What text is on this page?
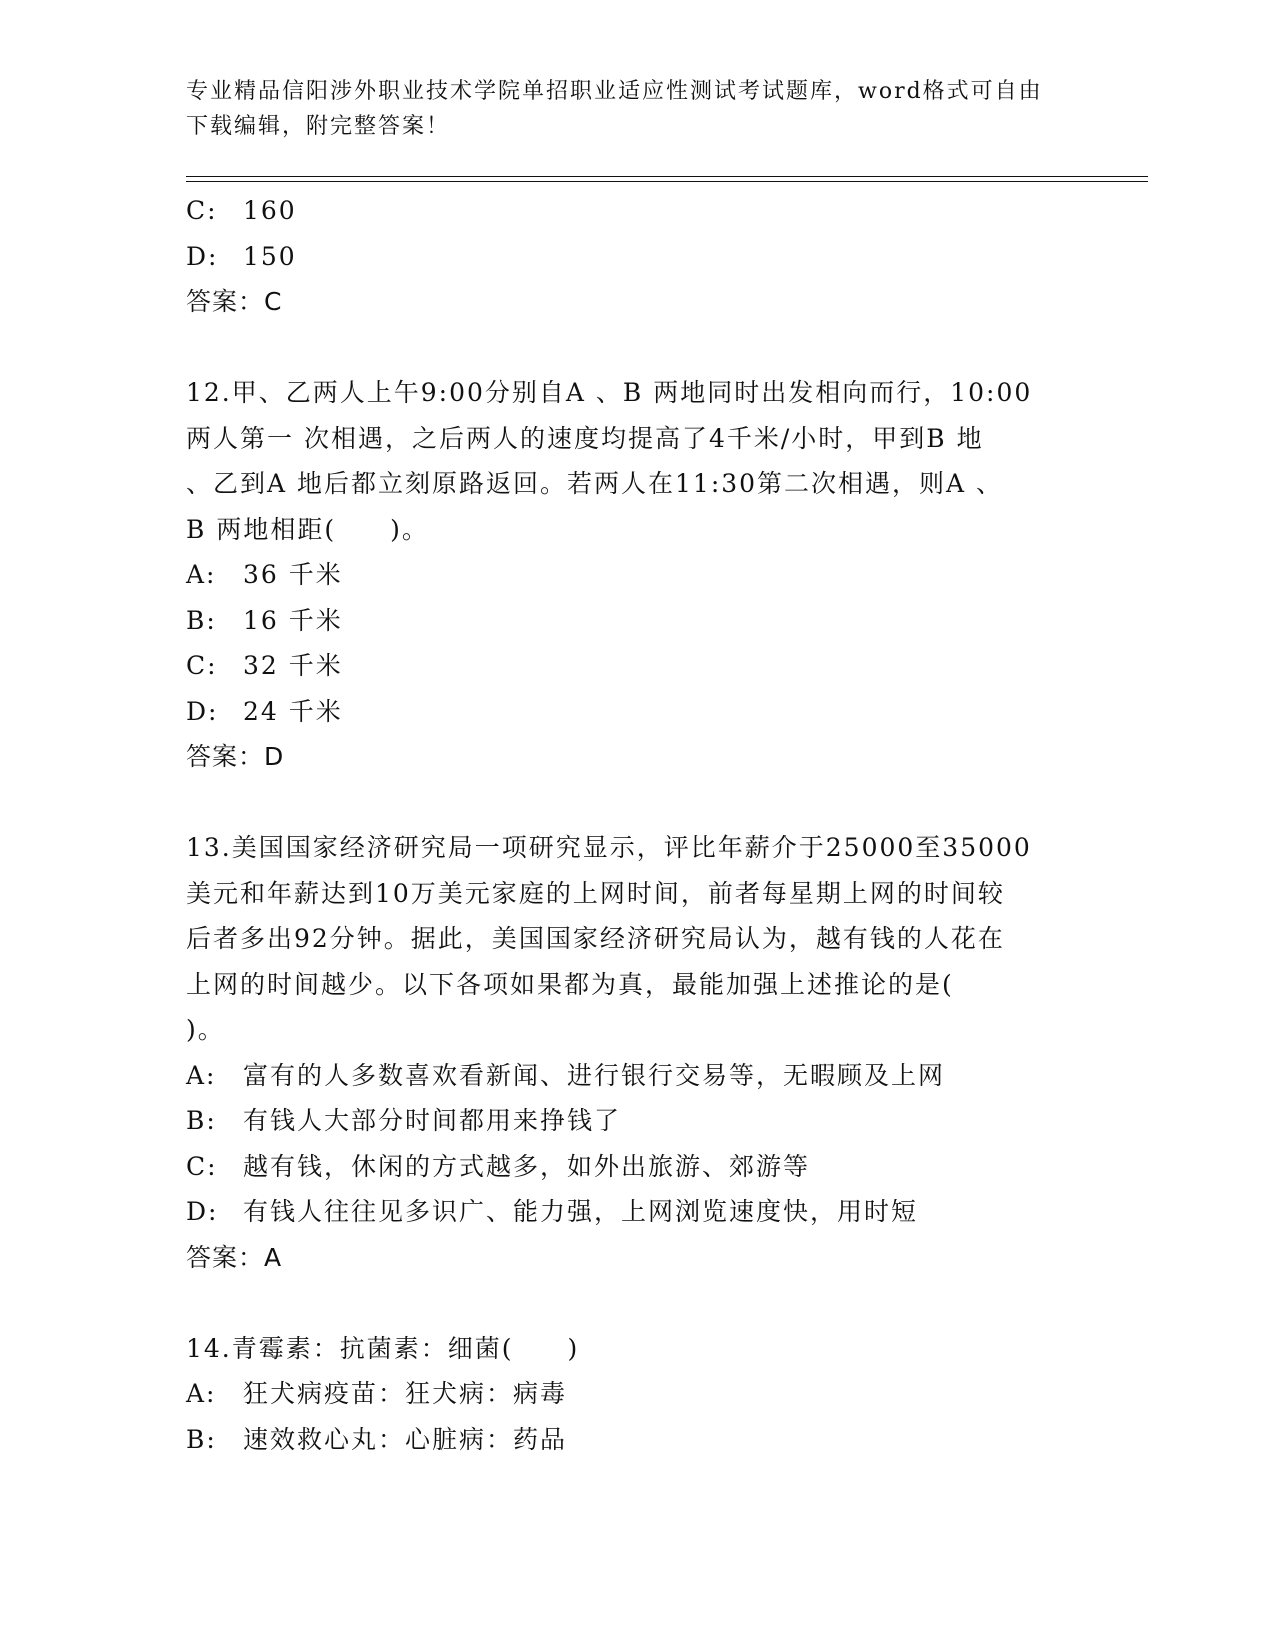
专业精品信阳涉外职业技术学院单招职业适应性测试考试题库，word格式可自由
下载编辑，附完整答案！
C:	160
D: 150
答案：C
12.甲、乙两人上午9:00分别自A 、B 两地同时出发相向而行，10:00
两人第一 次相遇，之后两人的速度均提高了4千米/小时，甲到B 地
、乙到A 地后都立刻原路返回。若两人在11:30第二次相遇，则A 、
B 两地相距(　　)。
A:	36 千米
B:	16 千米
C:	32 千米
D: 24 千米
答案：D
13.美国国家经济研究局一项研究显示，评比年薪介于25000至35000
美元和年薪达到10万美元家庭的上网时间，前者每星期上网的时间较
后者多出92分钟。据此，美国国家经济研究局认为，越有钱的人花在
上网的时间越少。以下各项如果都为真，最能加强上述推论的是(
)。
A:	富有的人多数喜欢看新闻、进行银行交易等，无暇顾及上网
B:	有钱人大部分时间都用来挣钱了
C:	越有钱，休闲的方式越多，如外出旅游、郊游等
D: 有钱人往往见多识广、能力强，上网浏览速度快，用时短
答案：A
14.青霉素：抗菌素：细菌(　　)
A:	狂犬病疫苗：狂犬病：病毒
B:	速效救心丸：心脏病：药品
